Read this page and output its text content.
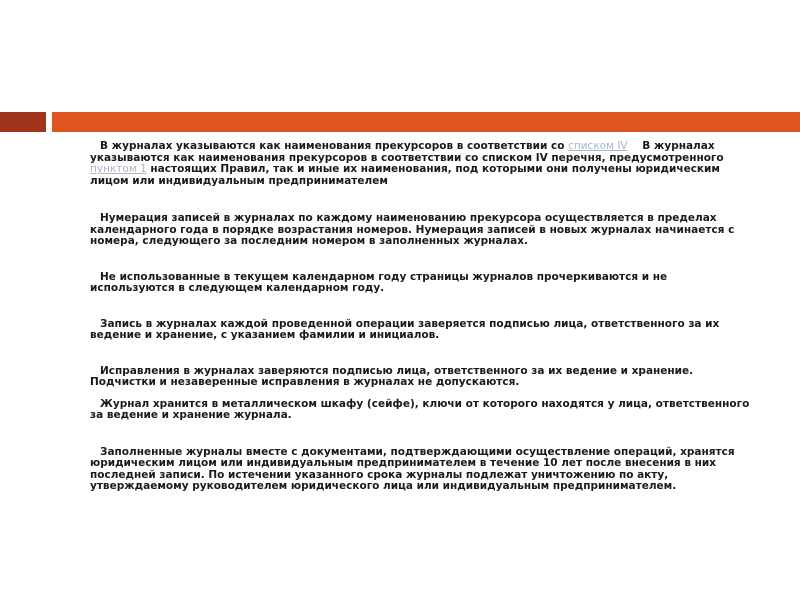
В журналах указываются как наименования прекурсоров в соответствии со списком IV    В журналах указываются как наименования прекурсоров в соответствии со списком IV перечня, предусмотренного пунктом 1 настоящих Правил, так и иные их наименования, под которыми они получены юридическим лицом или индивидуальным предпринимателем

Нумерация записей в журналах по каждому наименованию прекурсора осуществляется в пределах календарного года в порядке возрастания номеров. Нумерация записей в новых журналах начинается с номера, следующего за последним номером в заполненных журналах.

Не использованные в текущем календарном году страницы журналов прочеркиваются и не используются в следующем календарном году.

Запись в журналах каждой проведенной операции заверяется подписью лица, ответственного за их ведение и хранение, с указанием фамилии и инициалов.

Исправления в журналах заверяются подписью лица, ответственного за их ведение и хранение. Подчистки и незаверенные исправления в журналах не допускаются.

Журнал хранится в металлическом шкафу (сейфе), ключи от которого находятся у лица, ответственного за ведение и хранение журнала.

Заполненные журналы вместе с документами, подтверждающими осуществление операций, хранятся юридическим лицом или индивидуальным предпринимателем в течение 10 лет после внесения в них последней записи. По истечении указанного срока журналы подлежат уничтожению по акту, утверждаемому руководителем юридического лица или индивидуальным предпринимателем.
